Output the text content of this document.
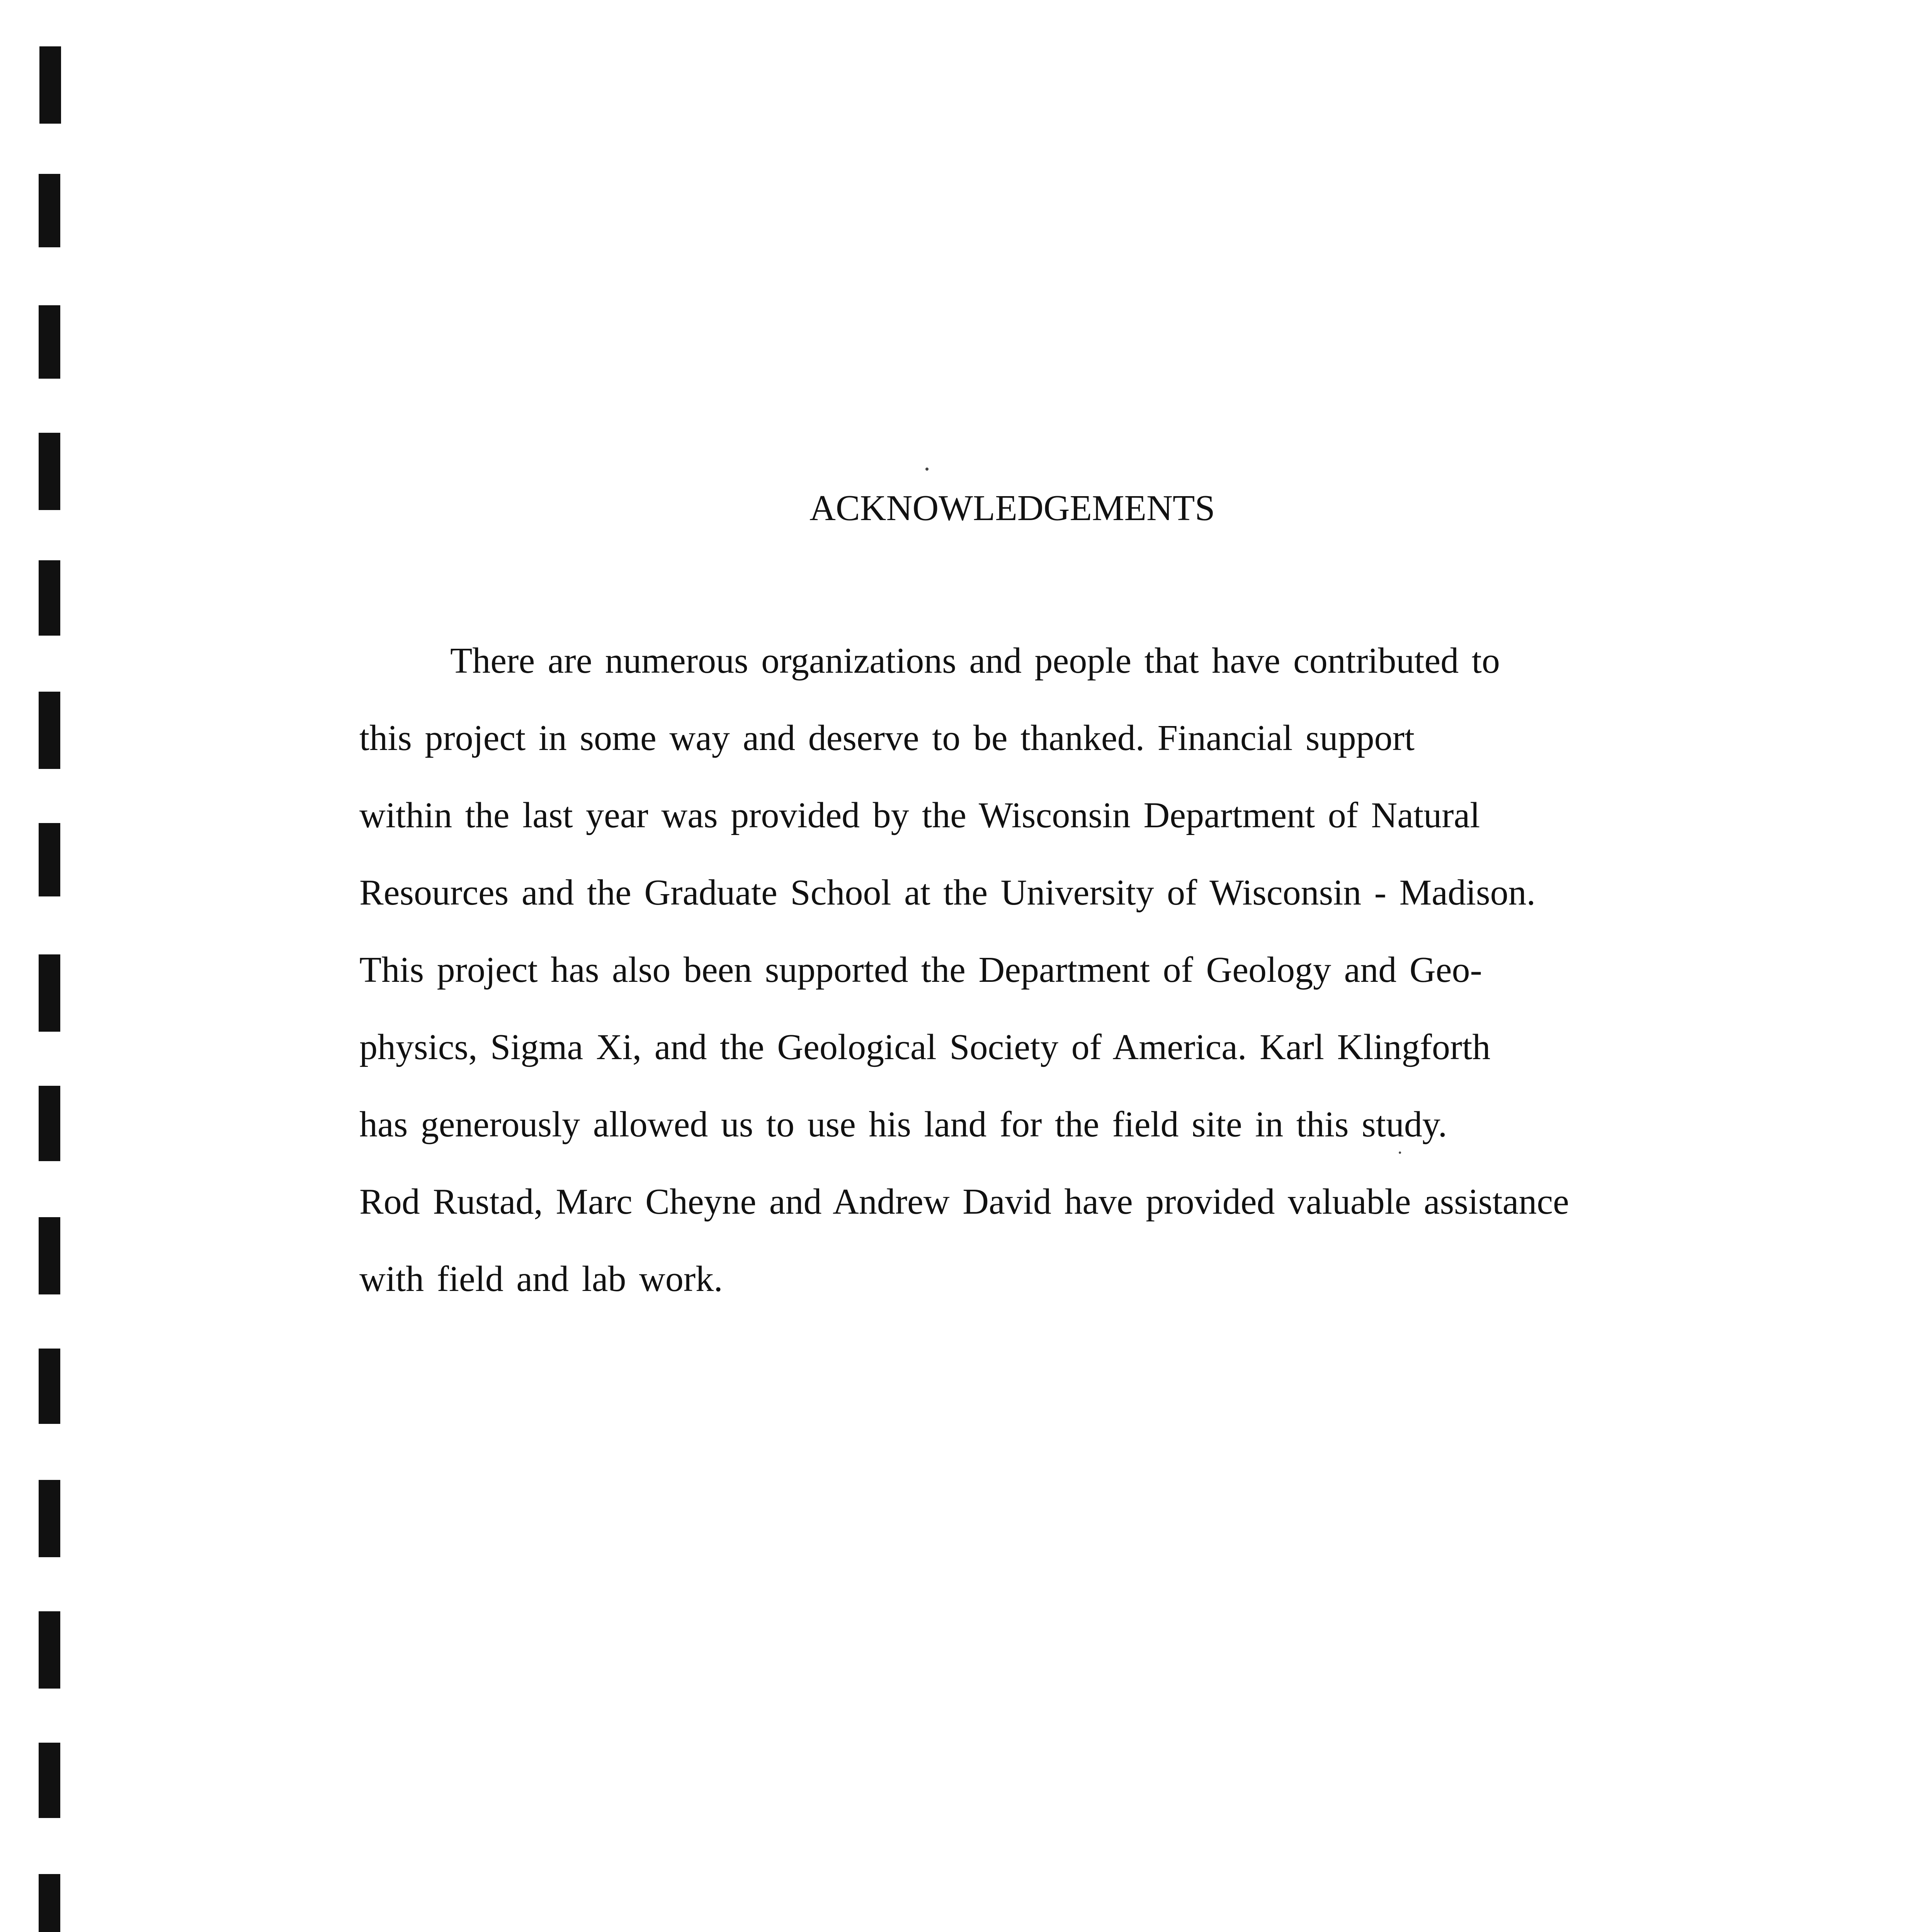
ACKNOWLEDGEMENTS
There are numerous organizations and people that have contributed to
this project in some way and deserve to be thanked. Financial support
within the last year was provided by the Wisconsin Department of Natural
Resources and the Graduate School at the University of Wisconsin - Madison.
This project has also been supported the Department of Geology and Geo-
physics, Sigma Xi, and the Geological Society of America. Karl Klingforth
has generously allowed us to use his land for the field site in this study.
Rod Rustad, Marc Cheyne and Andrew David have provided valuable assistance
with field and lab work.
